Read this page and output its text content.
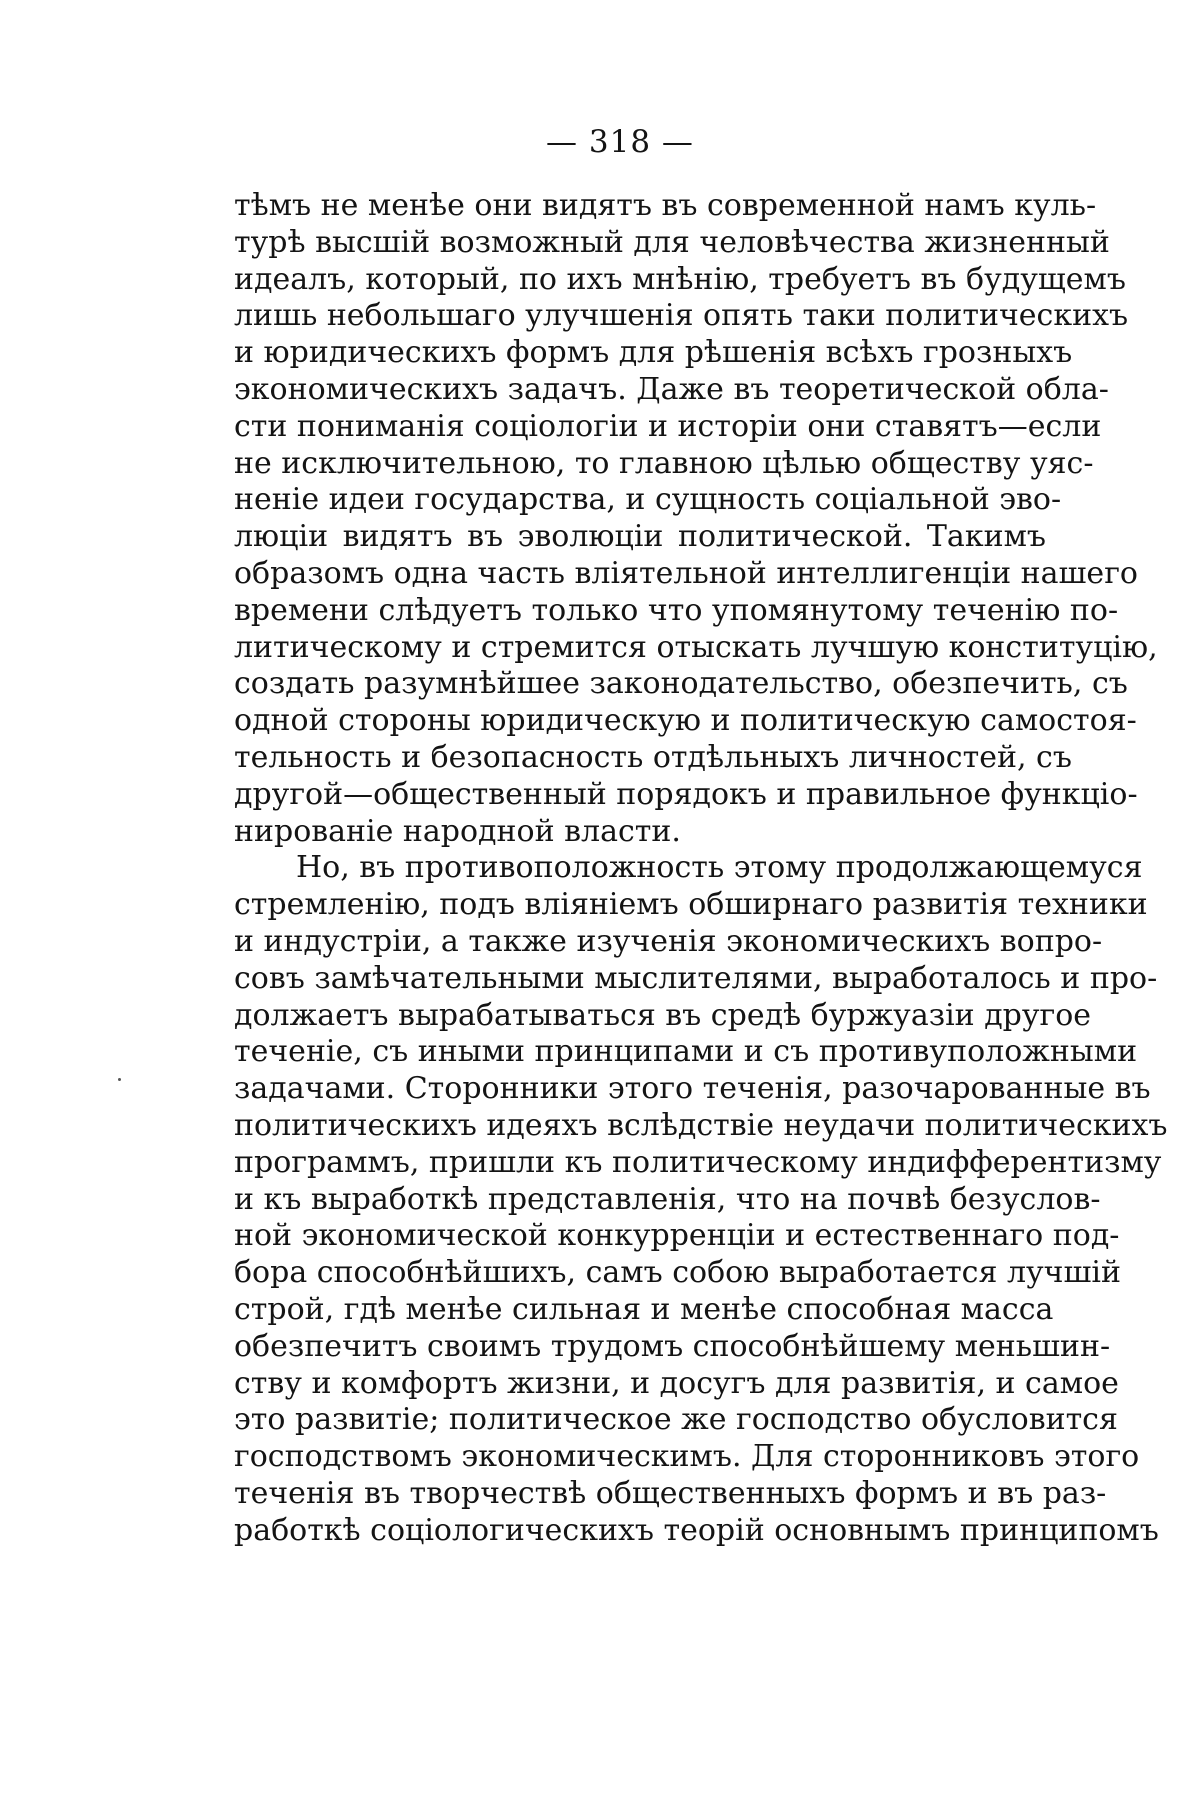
— 318 —
тѣмъ не менѣе они видятъ въ современной намъ куль-
турѣ высшій возможный для человѣчества жизненный
идеалъ, который, по ихъ мнѣнію, требуетъ въ будущемъ
лишь небольшаго улучшенія опять таки политическихъ
и юридическихъ формъ для рѣшенія всѣхъ грозныхъ
экономическихъ задачъ. Даже въ теоретической обла-
сти пониманія соціологіи и исторіи они ставятъ—если
не исключительною, то главною цѣлью обществу уяс-
неніе идеи государства, и сущность соціальной эво-
люціи видятъ въ эволюціи политической. Такимъ
образомъ одна часть вліятельной интеллигенціи нашего
времени слѣдуетъ только что упомянутому теченію по-
литическому и стремится отыскать лучшую конституцію,
создать разумнѣйшее законодательство, обезпечить, съ
одной стороны юридическую и политическую самостоя-
тельность и безопасность отдѣльныхъ личностей, съ
другой—общественный порядокъ и правильное функціо-
нированіе народной власти.
Но, въ противоположность этому продолжающемуся
стремленію, подъ вліяніемъ обширнаго развитія техники
и индустріи, а также изученія экономическихъ вопро-
совъ замѣчательными мыслителями, выработалось и про-
должаетъ вырабатываться въ средѣ буржуазіи другое
теченіе, съ иными принципами и съ противуположными
задачами. Сторонники этого теченія, разочарованные въ
политическихъ идеяхъ вслѣдствіе неудачи политическихъ
программъ, пришли къ политическому индифферентизму
и къ выработкѣ представленія, что на почвѣ безуслов-
ной экономической конкурренціи и естественнаго под-
бора способнѣйшихъ, самъ собою выработается лучшій
строй, гдѣ менѣе сильная и менѣе способная масса
обезпечитъ своимъ трудомъ способнѣйшему меньшин-
ству и комфортъ жизни, и досугъ для развитія, и самое
это развитіе; политическое же господство обусловится
господствомъ экономическимъ. Для сторонниковъ этого
теченія въ творчествѣ общественныхъ формъ и въ раз-
работкѣ соціологическихъ теорій основнымъ принципомъ
